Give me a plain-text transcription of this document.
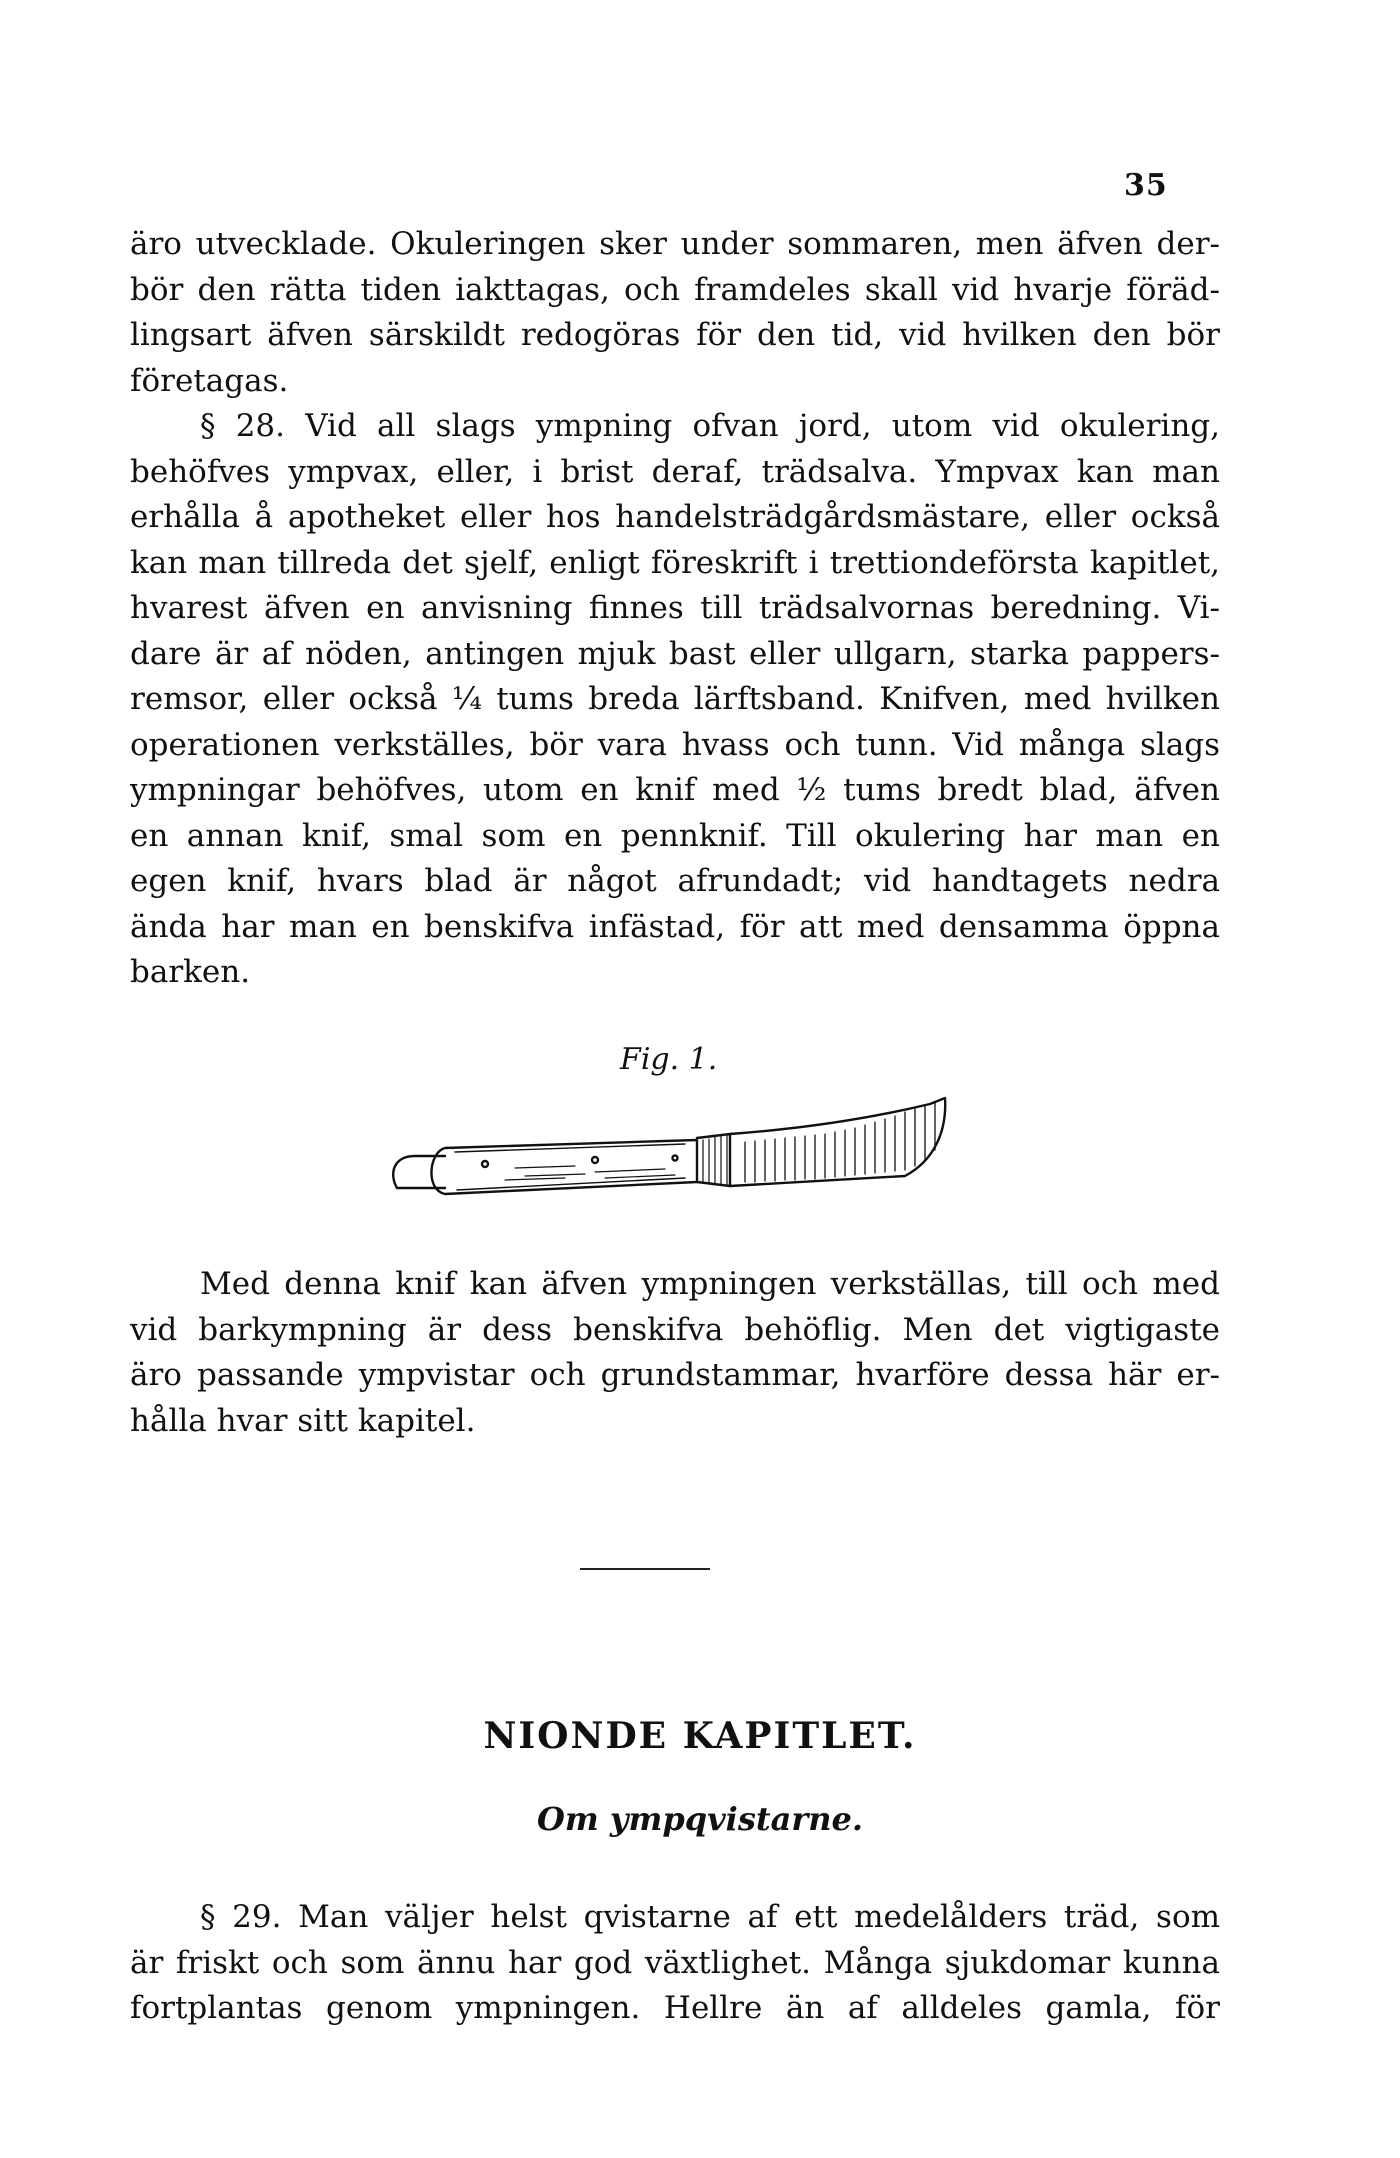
35
äro utvecklade. Okuleringen sker under sommaren, men äfven der-
bör den rätta tiden iakttagas, och framdeles skall vid hvarje föräd-
lingsart äfven särskildt redogöras för den tid, vid hvilken den bör
företagas.
§ 28. Vid all slags ympning ofvan jord, utom vid okulering,
behöfves ympvax, eller, i brist deraf, trädsalva. Ympvax kan man
erhålla å apotheket eller hos handelsträdgårdsmästare, eller också
kan man tillreda det sjelf, enligt föreskrift i trettiondeförsta kapitlet,
hvarest äfven en anvisning finnes till trädsalvornas beredning. Vi-
dare är af nöden, antingen mjuk bast eller ullgarn, starka pappers-
remsor, eller också ¼ tums breda lärftsband. Knifven, med hvilken
operationen verkställes, bör vara hvass och tunn. Vid många slags
ympningar behöfves, utom en knif med ½ tums bredt blad, äfven
en annan knif, smal som en pennknif. Till okulering har man en
egen knif, hvars blad är något afrundadt; vid handtagets nedra
ända har man en benskifva infästad, för att med densamma öppna
barken.
Fig. 1.
Med denna knif kan äfven ympningen verkställas, till och med
vid barkympning är dess benskifva behöflig. Men det vigtigaste
äro passande ympvistar och grundstammar, hvarföre dessa här er-
hålla hvar sitt kapitel.
NIONDE KAPITLET.
Om ympqvistarne.
§ 29. Man väljer helst qvistarne af ett medelålders träd, som
är friskt och som ännu har god växtlighet. Många sjukdomar kunna
fortplantas genom ympningen. Hellre än af alldeles gamla, för
